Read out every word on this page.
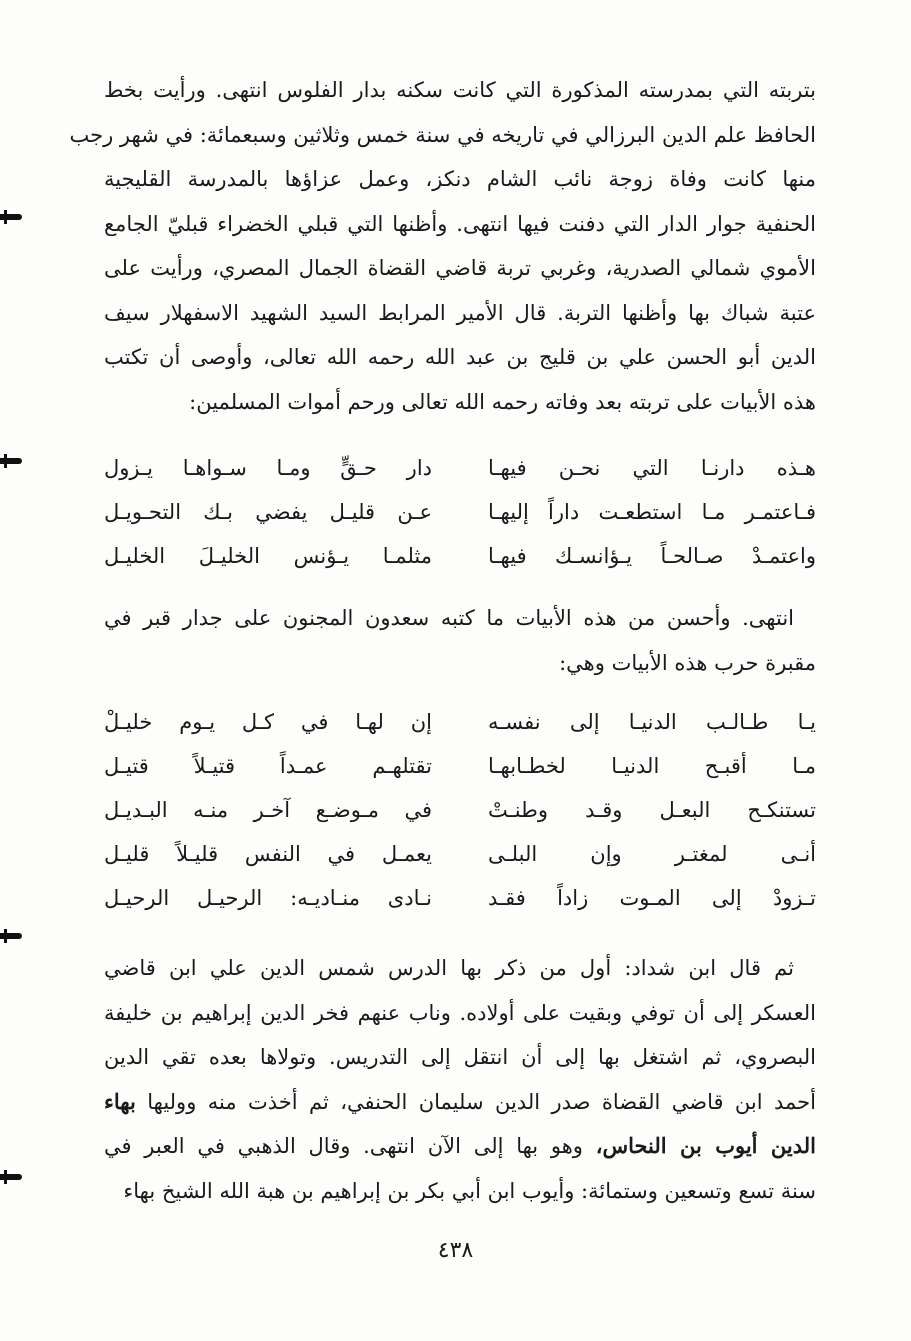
بتربته التي بمدرسته المذكورة التي كانت سكنه بدار الفلوس انتهى. ورأيت بخط
الحافظ علم الدين البرزالي في تاريخه في سنة خمس وثلاثين وسبعمائة: في شهر رجب
منها كانت وفاة زوجة نائب الشام دنكز، وعمل عزاؤها بالمدرسة القليجية
الحنفية جوار الدار التي دفنت فيها انتهى. وأظنها التي قبلي الخضراء قبليّ الجامع
الأموي شمالي الصدرية، وغربي تربة قاضي القضاة الجمال المصري، ورأيت على
عتبة شباك بها وأظنها التربة. قال الأمير المرابط السيد الشهيد الاسفهلار سيف
الدين أبو الحسن علي بن قليج بن عبد الله رحمه الله تعالى، وأوصى أن تكتب
هذه الأبيات على تربته بعد وفاته رحمه الله تعالى ورحم أموات المسلمين:
هـذه دارنـا التي نحـن فيهـا
دار حـقٍّ ومـا سـواهـا يـزول
فـاعتمـر مـا استطعـت داراً إليهـا
عـن قليـل يفضي بـك التحـويـل
واعتمـدْ صـالحـاً يـؤانسـك فيهـا
مثلمـا يـؤنس الخليـلَ الخليـل
انتهى. وأحسن من هذه الأبيات ما كتبه سعدون المجنون على جدار قبر في
مقبرة حرب هذه الأبيات وهي:
يـا طـالـب الدنيـا إلى نفسـه
إن لهـا في كـل يـوم خليـلْ
مـا أقبـح الدنيـا لخطـابهـا
تقتلهـم عمـداً قتيـلاً قتيـل
تستنكـح البعـل وقـد وطنـتْ
في مـوضـع آخـر منـه البـديـل
أنـى لمغتـر وإن البلـى
يعمـل في النفس قليـلاً قليـل
تـزودْ إلى المـوت زاداً فقـد
نـادى منـاديـه: الرحيـل الرحيـل
ثم قال ابن شداد: أول من ذكر بها الدرس شمس الدين علي ابن قاضي
العسكر إلى أن توفي وبقيت على أولاده. وناب عنهم فخر الدين إبراهيم بن خليفة
البصروي، ثم اشتغل بها إلى أن انتقل إلى التدريس. وتولاها بعده تقي الدين
أحمد ابن قاضي القضاة صدر الدين سليمان الحنفي، ثم أخذت منه ووليها بهاء
الدين أيوب بن النحاس، وهو بها إلى الآن انتهى. وقال الذهبي في العبر في
سنة تسع وتسعين وستمائة: وأيوب ابن أبي بكر بن إبراهيم بن هبة الله الشيخ بهاء
٤٣٨
